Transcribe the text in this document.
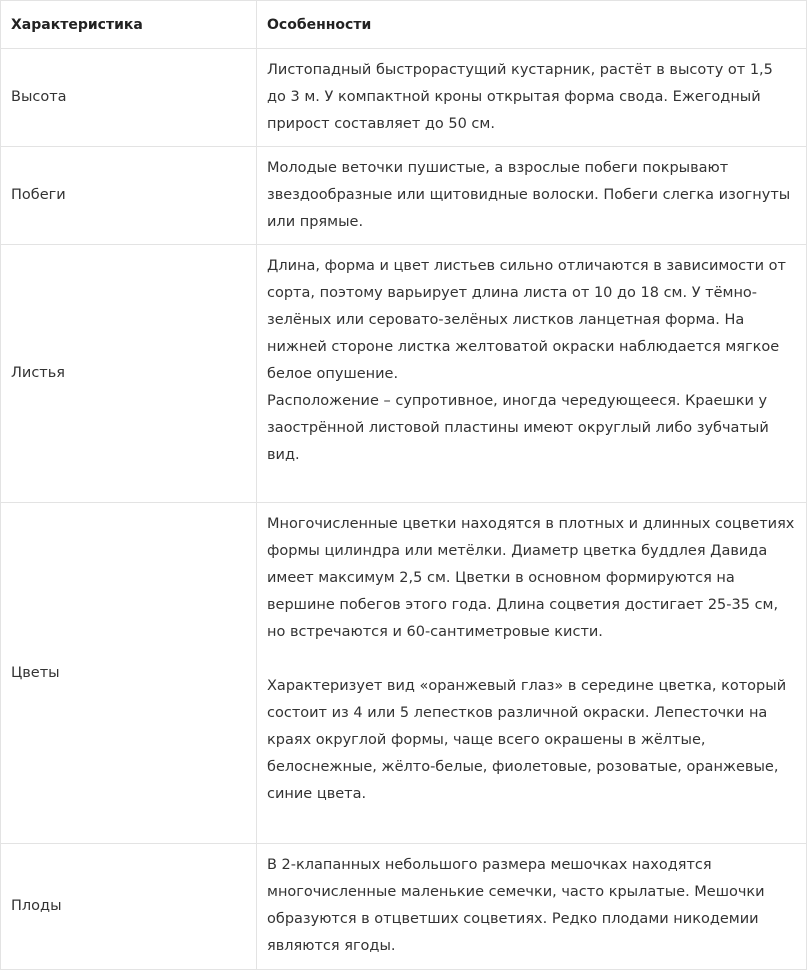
Характеристика	Особенности
Высота	Листопадный быстрорастущий кустарник, растёт в высоту от 1,5 до 3 м. У компактной кроны открытая форма свода. Ежегодный прирост составляет до 50 см.

Побеги	Молодые веточки пушистые, а взрослые побеги покрывают звездообразные или щитовидные волоски. Побеги слегка изогнуты или прямые.

Листья	Длина, форма и цвет листьев сильно отличаются в зависимости от сорта, поэтому варьирует длина листа от 10 до 18 см. У тёмно-зелёных или серовато-зелёных листков ланцетная форма. На нижней стороне листка желтоватой окраски наблюдается мягкое белое опушение.

Расположение – супротивное, иногда чередующееся. Краешки у заострённой листовой пластины имеют округлый либо зубчатый вид.

Цветы	Многочисленные цветки находятся в плотных и длинных соцветиях формы цилиндра или метёлки. Диаметр цветка буддлея Давида имеет максимум 2,5 см. Цветки в основном формируются на вершине побегов этого года. Длина соцветия достигает 25-35 см, но встречаются и 60-сантиметровые кисти.

Характеризует вид «оранжевый глаз» в середине цветка, который состоит из 4 или 5 лепестков различной окраски. Лепесточки на краях округлой формы, чаще всего окрашены в жёлтые, белоснежные, жёлто-белые, фиолетовые, розоватые, оранжевые, синие цвета.

Плоды	В 2-клапанных небольшого размера мешочках находятся многочисленные маленькие семечки, часто крылатые. Мешочки образуются в отцветших соцветиях. Редко плодами никодемии являются ягоды.
